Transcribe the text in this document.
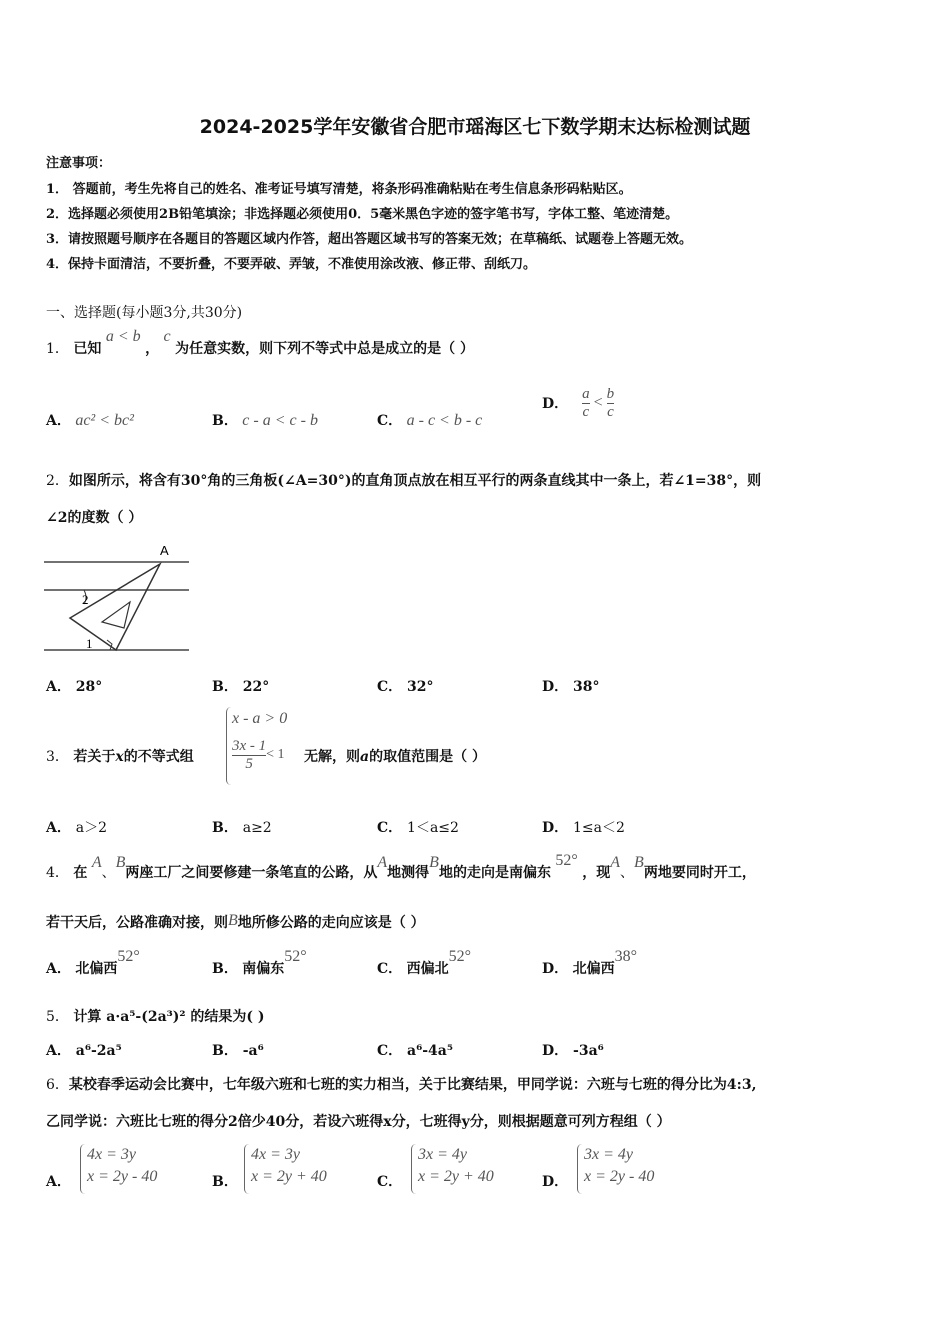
2024-2025学年安徽省合肥市瑶海区七下数学期末达标检测试题
注意事项：
1． 答题前，考生先将自己的姓名、准考证号填写清楚，将条形码准确粘贴在考生信息条形码粘贴区。
2．选择题必须使用2B铅笔填涂；非选择题必须使用0．5毫米黑色字迹的签字笔书写，字体工整、笔迹清楚。
3．请按照题号顺序在各题目的答题区域内作答，超出答题区域书写的答案无效；在草稿纸、试题卷上答题无效。
4．保持卡面清洁，不要折叠，不要弄破、弄皱，不准使用涂改液、修正带、刮纸刀。
一、选择题(每小题3分,共30分)
1． 已知 a < b ， c 为任意实数，则下列不等式中总是成立的是（ ）
A． ac² < bc²	B． c - a < c - b	C． a - c < b - c
D． $\frac{a}{c} < \frac{b}{c}$
2．如图所示，将含有30°角的三角板(∠A=30°)的直角顶点放在相互平行的两条直线其中一条上，若∠1=38°，则
∠2的度数（ ）
A
2
1
A． 28°	B． 22°	C． 32°	D． 38°
3． 若关于x的不等式组
x - a > 0
$\frac{3x - 1}{5} < 1$ 无解，则a的取值范围是（ ）
A． a＞2	B． a≥2	C． 1＜a≤2	D． 1≤a＜2
4． 在 A、B两座工厂之间要修建一条笔直的公路，从A地测得B地的走向是南偏东 52° ，现A、B两地要同时开工，
若干天后，公路准确对接，则B地所修公路的走向应该是（ ）
A． 北偏西52°
B． 南偏东52°
C． 西偏北52°
D． 北偏西38°
5． 计算 a·a⁵-(2a³)² 的结果为( )
A． a⁶-2a⁵	B． -a⁶	C． a⁶-4a⁵	D． -3a⁶
6．某校春季运动会比赛中，七年级六班和七班的实力相当，关于比赛结果，甲同学说：六班与七班的得分比为4:3,
乙同学说：六班比七班的得分2倍少40分，若设六班得x分，七班得y分，则根据题意可列方程组（ ）
A．
4x = 3y
x = 2y - 40	B．
4x = 3y
x = 2y + 40	C．
3x = 4y
x = 2y + 40	D．
3x = 4y
x = 2y - 40
